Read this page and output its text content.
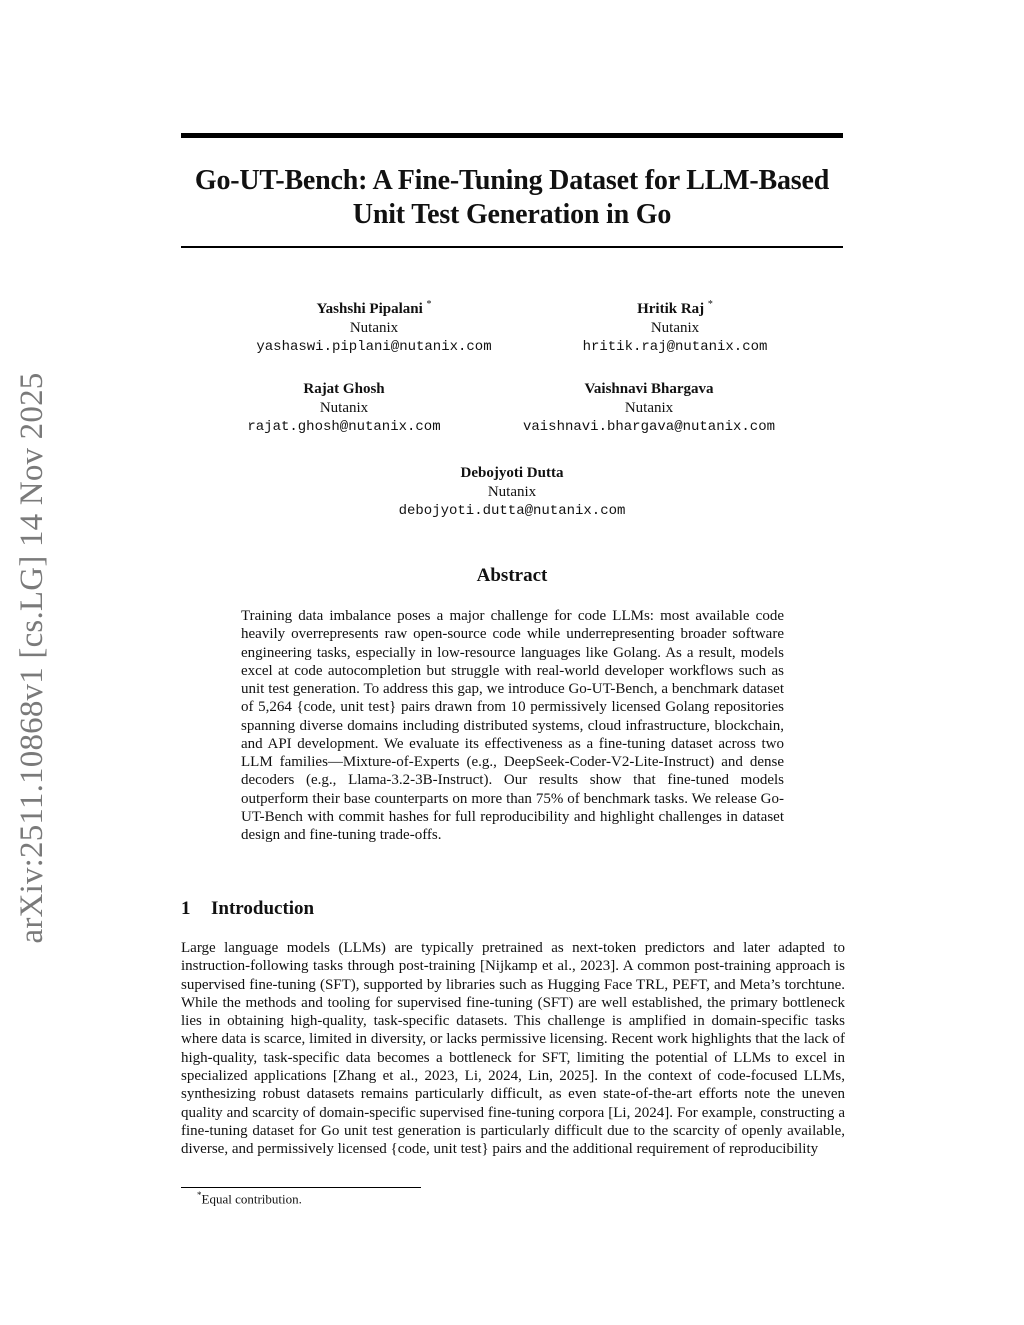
arXiv:2511.10868v1 [cs.LG] 14 Nov 2025
Go-UT-Bench: A Fine-Tuning Dataset for LLM-Based
Unit Test Generation in Go
Yashshi Pipalani *
Nutanix
yashaswi.piplani@nutanix.com
Hritik Raj *
Nutanix
hritik.raj@nutanix.com
Rajat Ghosh
Nutanix
rajat.ghosh@nutanix.com
Vaishnavi Bhargava
Nutanix
vaishnavi.bhargava@nutanix.com
Debojyoti Dutta
Nutanix
debojyoti.dutta@nutanix.com
Abstract
Training data imbalance poses a major challenge for code LLMs: most available code heavily overrepresents raw open-source code while underrepresenting broader software engineering tasks, especially in low-resource languages like Golang. As a result, models excel at code autocompletion but struggle with real-world developer workflows such as unit test generation. To address this gap, we introduce Go-UT-Bench, a benchmark dataset of 5,264 {code, unit test} pairs drawn from 10 permissively licensed Golang repositories spanning diverse domains including distributed systems, cloud infrastructure, blockchain, and API development. We evaluate its effectiveness as a fine-tuning dataset across two LLM families—Mixture-of-Experts (e.g., DeepSeek-Coder-V2-Lite-Instruct) and dense decoders (e.g., Llama-3.2-3B-Instruct). Our results show that fine-tuned models outperform their base counterparts on more than 75% of benchmark tasks. We release Go-UT-Bench with commit hashes for full reproducibility and highlight challenges in dataset design and fine-tuning trade-offs.
1 Introduction
Large language models (LLMs) are typically pretrained as next-token predictors and later adapted to instruction-following tasks through post-training [Nijkamp et al., 2023]. A common post-training approach is supervised fine-tuning (SFT), supported by libraries such as Hugging Face TRL, PEFT, and Meta’s torchtune. While the methods and tooling for supervised fine-tuning (SFT) are well established, the primary bottleneck lies in obtaining high-quality, task-specific datasets. This challenge is amplified in domain-specific tasks where data is scarce, limited in diversity, or lacks permissive licensing. Recent work highlights that the lack of high-quality, task-specific data becomes a bottleneck for SFT, limiting the potential of LLMs to excel in specialized applications [Zhang et al., 2023, Li, 2024, Lin, 2025]. In the context of code-focused LLMs, synthesizing robust datasets remains particularly difficult, as even state-of-the-art efforts note the uneven quality and scarcity of domain-specific supervised fine-tuning corpora [Li, 2024]. For example, constructing a fine-tuning dataset for Go unit test generation is particularly difficult due to the scarcity of openly available, diverse, and permissively licensed {code, unit test} pairs and the additional requirement of reproducibility
*Equal contribution.
